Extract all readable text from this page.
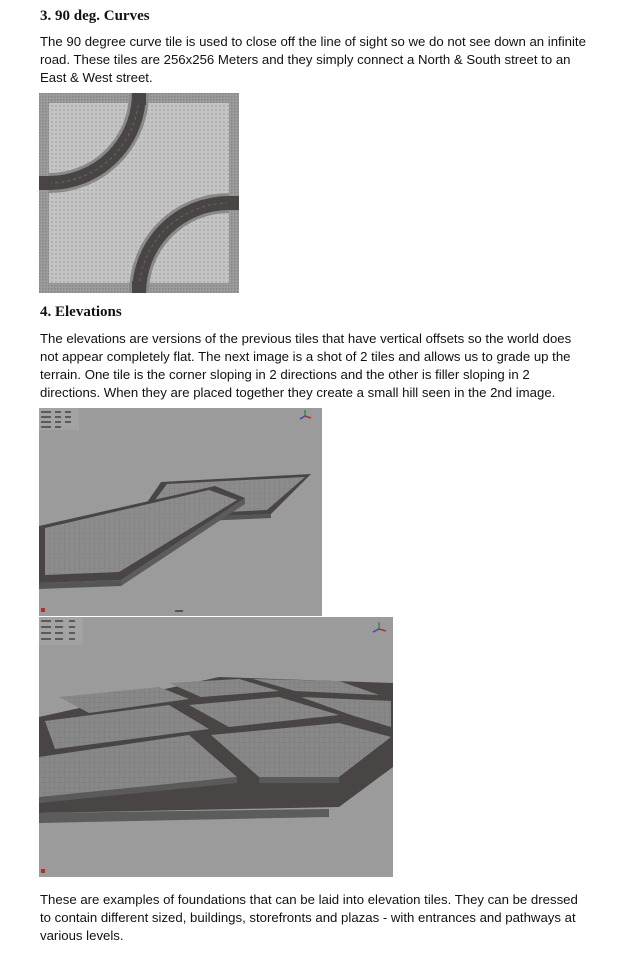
3. 90 deg. Curves

The 90 degree curve tile is used to close off the line of sight so we do not see down an infinite road. These tiles are 256x256 Meters and they simply connect a North & South street to an East & West street.

4. Elevations

The elevations are versions of the previous tiles that have vertical offsets so the world does not appear completely flat. The next image is a shot of 2 tiles and allows us to grade up the terrain. One tile is the corner sloping in 2 directions and the other is filler sloping in 2 directions. When they are placed together they create a small hill seen in the 2nd image.

These are examples of foundations that can be laid into elevation tiles. They can be dressed to contain different sized, buildings, storefronts and plazas - with entrances and pathways at various levels.
